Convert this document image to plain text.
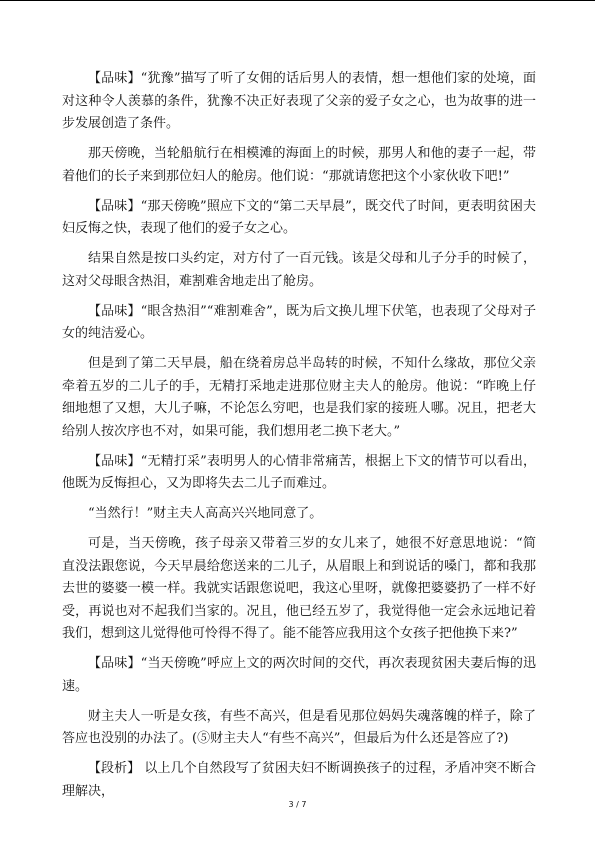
【品味】“犹豫”描写了听了女佣的话后男人的表情，想一想他们家的处境，面对这种令人羡慕的条件，犹豫不决正好表现了父亲的爱子女之心，也为故事的进一步发展创造了条件。

那天傍晚，当轮船航行在相模滩的海面上的时候，那男人和他的妻子一起，带着他们的长子来到那位妇人的舱房。他们说：“那就请您把这个小家伙收下吧!”

【品味】“那天傍晚”照应下文的“第二天早晨”，既交代了时间，更表明贫困夫妇反悔之快，表现了他们的爱子女之心。

结果自然是按口头约定，对方付了一百元钱。该是父母和儿子分手的时候了，这对父母眼含热泪，难割难舍地走出了舱房。

【品味】“眼含热泪”“难割难舍”，既为后文换儿埋下伏笔，也表现了父母对子女的纯洁爱心。

但是到了第二天早晨，船在绕着房总半岛转的时候，不知什么缘故，那位父亲牵着五岁的二儿子的手，无精打采地走进那位财主夫人的舱房。他说：“昨晚上仔细地想了又想，大儿子嘛，不论怎么穷吧，也是我们家的接班人哪。况且，把老大给别人按次序也不对，如果可能，我们想用老二换下老大。”

【品味】“无精打采”表明男人的心情非常痛苦，根据上下文的情节可以看出，他既为反悔担心，又为即将失去二儿子而难过。

“当然行！”财主夫人高高兴兴地同意了。

可是，当天傍晚，孩子母亲又带着三岁的女儿来了，她很不好意思地说：“简直没法跟您说，今天早晨给您送来的二儿子，从眉眼上和到说话的嗓门，都和我那去世的婆婆一模一样。我就实话跟您说吧，我这心里呀，就像把婆婆扔了一样不好受，再说也对不起我们当家的。况且，他已经五岁了，我觉得他一定会永远地记着我们，想到这儿觉得他可怜得不得了。能不能答应我用这个女孩子把他换下来?”

【品味】“当天傍晚”呼应上文的两次时间的交代，再次表现贫困夫妻后悔的迅速。

财主夫人一听是女孩，有些不高兴，但是看见那位妈妈失魂落魄的样子，除了答应也没别的办法了。(⑤财主夫人“有些不高兴”，但最后为什么还是答应了?)

【段析】 以上几个自然段写了贫困夫妇不断调换孩子的过程，矛盾冲突不断合理解决，

3 / 7
